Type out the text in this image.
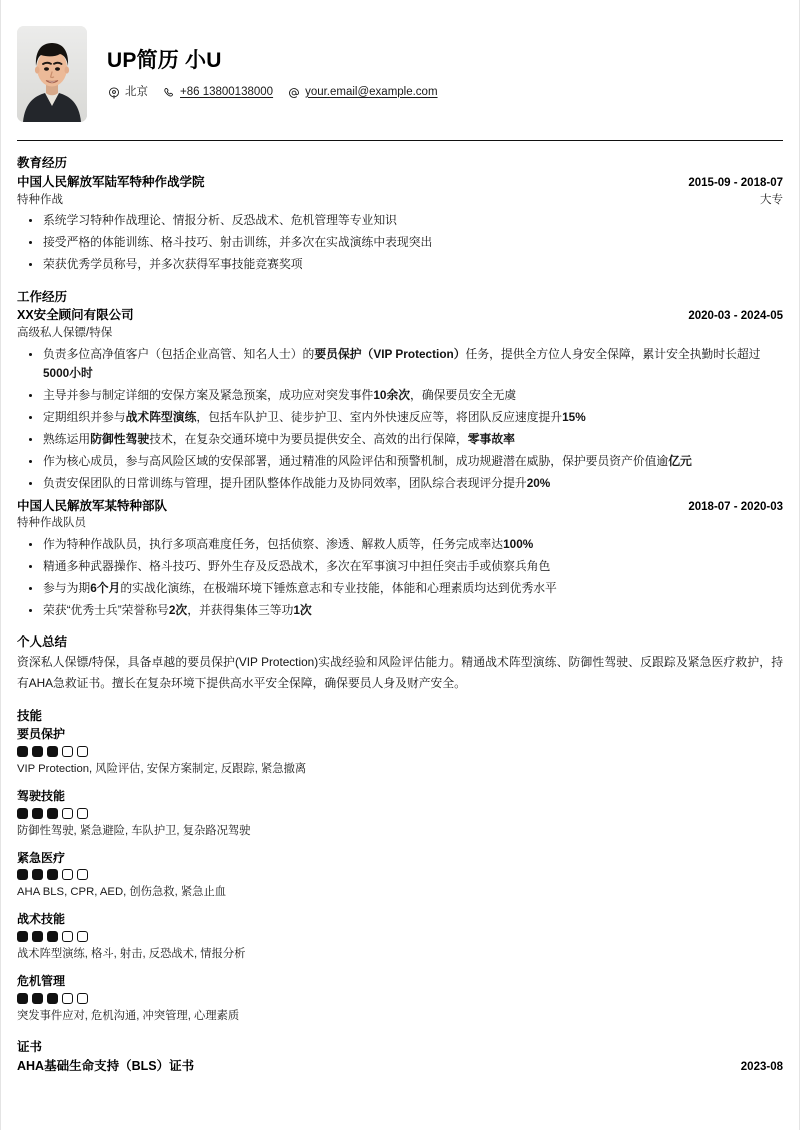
UP简历 小U
北京	+86 13800138000	your.email@example.com
教育经历
中国人民解放军陆军特种作战学院	2015-09 - 2018-07
特种作战	大专
系统学习特种作战理论、情报分析、反恐战术、危机管理等专业知识
接受严格的体能训练、格斗技巧、射击训练，并多次在实战演练中表现突出
荣获优秀学员称号，并多次获得军事技能竞赛奖项
工作经历
XX安全顾问有限公司	2020-03 - 2024-05
高级私人保镖/特保
负责多位高净值客户（包括企业高管、知名人士）的要员保护（VIP Protection）任务，提供全方位人身安全保障，累计安全执勤时长超过5000小时
主导并参与制定详细的安保方案及紧急预案，成功应对突发事件10余次，确保要员安全无虞
定期组织并参与战术阵型演练，包括车队护卫、徒步护卫、室内外快速反应等，将团队反应速度提升15%
熟练运用防御性驾驶技术，在复杂交通环境中为要员提供安全、高效的出行保障，零事故率
作为核心成员，参与高风险区域的安保部署，通过精准的风险评估和预警机制，成功规避潜在威胁，保护要员资产价值逾亿元
负责安保团队的日常训练与管理，提升团队整体作战能力及协同效率，团队综合表现评分提升20%
中国人民解放军某特种部队	2018-07 - 2020-03
特种作战队员
作为特种作战队员，执行多项高难度任务，包括侦察、渗透、解救人质等，任务完成率达100%
精通多种武器操作、格斗技巧、野外生存及反恐战术，多次在军事演习中担任突击手或侦察兵角色
参与为期6个月的实战化演练，在极端环境下锤炼意志和专业技能，体能和心理素质均达到优秀水平
荣获“优秀士兵”荣誉称号2次，并获得集体三等功1次
个人总结
资深私人保镖/特保，具备卓越的要员保护(VIP Protection)实战经验和风险评估能力。精通战术阵型演练、防御性驾驶、反跟踪及紧急医疗救护，持有AHA急救证书。擅长在复杂环境下提供高水平安全保障，确保要员人身及财产安全。
技能
要员保护
VIP Protection, 风险评估, 安保方案制定, 反跟踪, 紧急撤离
驾驶技能
防御性驾驶, 紧急避险, 车队护卫, 复杂路况驾驶
紧急医疗
AHA BLS, CPR, AED, 创伤急救, 紧急止血
战术技能
战术阵型演练, 格斗, 射击, 反恐战术, 情报分析
危机管理
突发事件应对, 危机沟通, 冲突管理, 心理素质
证书
AHA基础生命支持（BLS）证书	2023-08
